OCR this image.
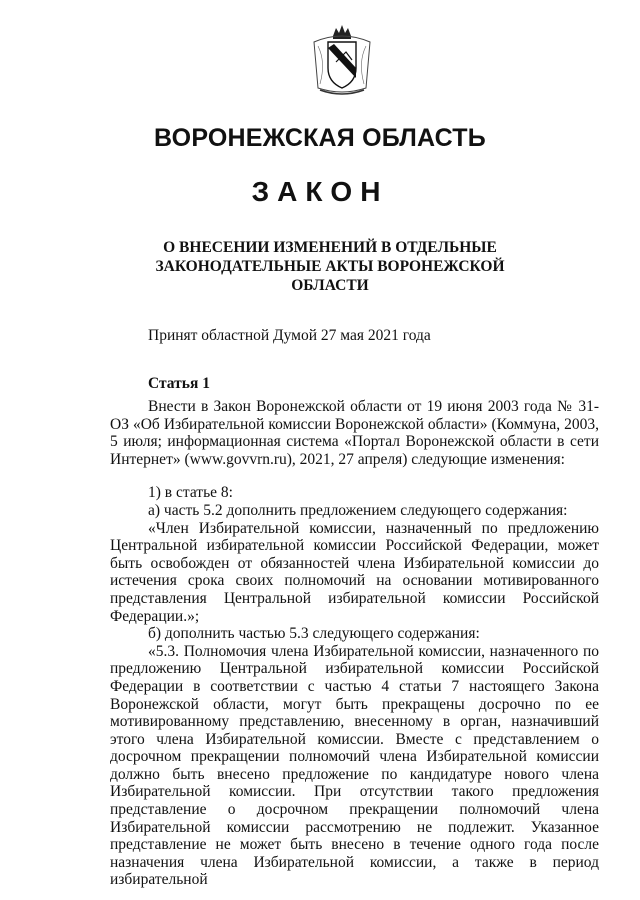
ВОРОНЕЖСКАЯ ОБЛАСТЬ
ЗАКОН
О ВНЕСЕНИИ ИЗМЕНЕНИЙ В ОТДЕЛЬНЫЕ
ЗАКОНОДАТЕЛЬНЫЕ АКТЫ ВОРОНЕЖСКОЙ
ОБЛАСТИ
Принят областной Думой 27 мая 2021 года
Статья 1

Внести в Закон Воронежской области от 19 июня 2003 года № 31-ОЗ «Об Избирательной комиссии Воронежской области» (Коммуна, 2003, 5 июля; информационная система «Портал Воронежской области в сети Интернет» (www.govvrn.ru), 2021, 27 апреля) следующие изменения:

1) в статье 8:

а) часть 5.2 дополнить предложением следующего содержания:

«Член Избирательной комиссии, назначенный по предложению Центральной избирательной комиссии Российской Федерации, может быть освобожден от обязанностей члена Избирательной комиссии до истечения срока своих полномочий на основании мотивированного представления Центральной избирательной комиссии Российской Федерации.»;

б) дополнить частью 5.3 следующего содержания:

«5.3. Полномочия члена Избирательной комиссии, назначенного по предложению Центральной избирательной комиссии Российской Федерации в соответствии с частью 4 статьи 7 настоящего Закона Воронежской области, могут быть прекращены досрочно по ее мотивированному представлению, внесенному в орган, назначивший этого члена Избирательной комиссии. Вместе с представлением о досрочном прекращении полномочий члена Избирательной комиссии должно быть внесено предложение по кандидатуре нового члена Избирательной комиссии. При отсутствии такого предложения представление о досрочном прекращении полномочий члена Избирательной комиссии рассмотрению не подлежит. Указанное представление не может быть внесено в течение одного года после назначения члена Избирательной комиссии, а также в период избирательной
